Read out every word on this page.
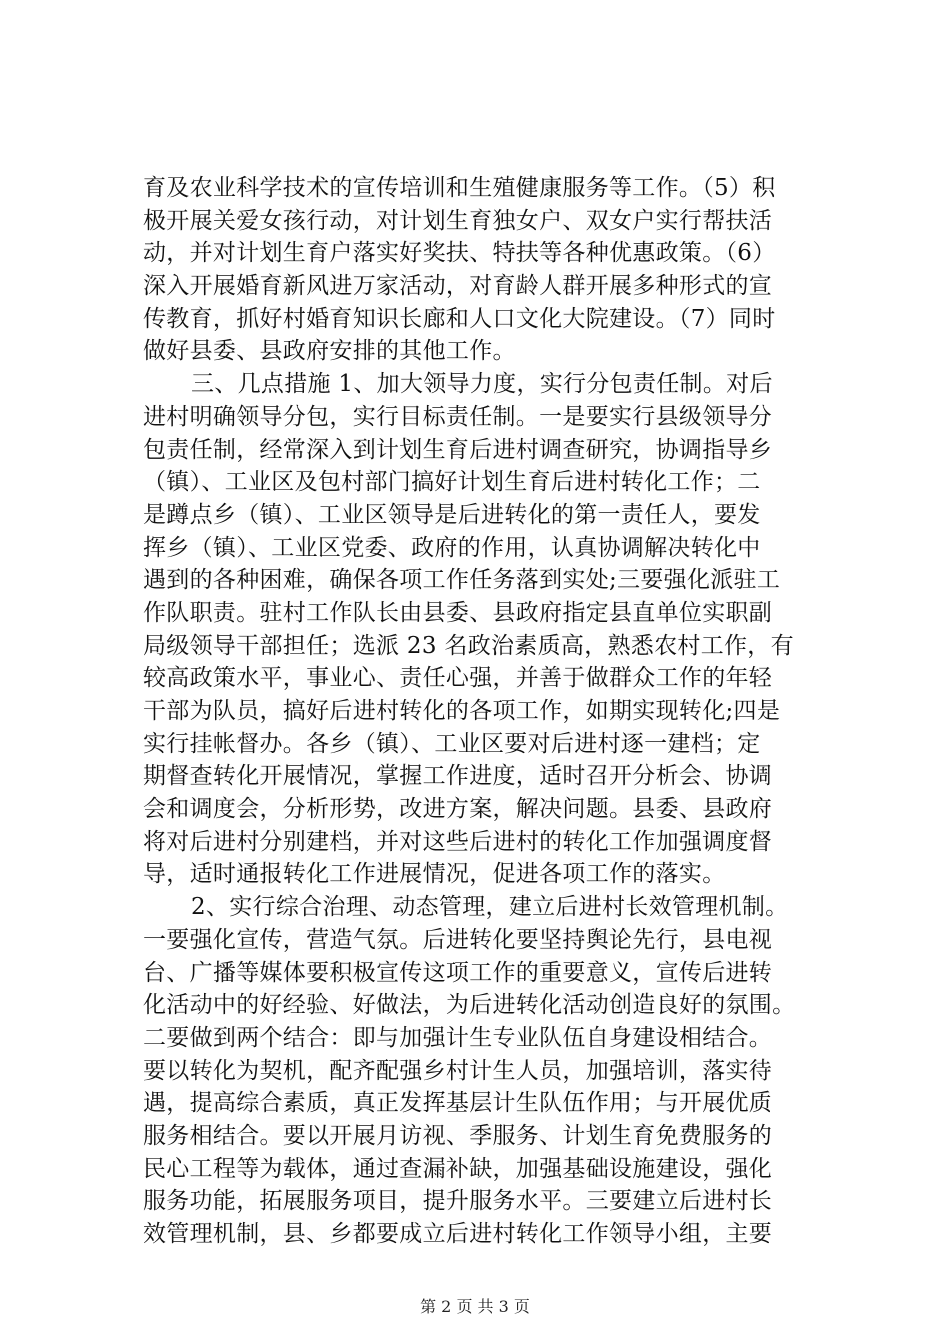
育及农业科学技术的宣传培训和生殖健康服务等工作。（5）积
极开展关爱女孩行动，对计划生育独女户、双女户实行帮扶活
动，并对计划生育户落实好奖扶、特扶等各种优惠政策。（6）
深入开展婚育新风进万家活动，对育龄人群开展多种形式的宣
传教育，抓好村婚育知识长廊和人口文化大院建设。（7）同时
做好县委、县政府安排的其他工作。
三、几点措施 1、加大领导力度，实行分包责任制。对后
进村明确领导分包，实行目标责任制。一是要实行县级领导分
包责任制，经常深入到计划生育后进村调查研究，协调指导乡
（镇）、工业区及包村部门搞好计划生育后进村转化工作；二
是蹲点乡（镇）、工业区领导是后进转化的第一责任人，要发
挥乡（镇）、工业区党委、政府的作用，认真协调解决转化中
遇到的各种困难，确保各项工作任务落到实处;三要强化派驻工
作队职责。驻村工作队长由县委、县政府指定县直单位实职副
局级领导干部担任；选派 23 名政治素质高，熟悉农村工作，有
较高政策水平，事业心、责任心强，并善于做群众工作的年轻
干部为队员，搞好后进村转化的各项工作，如期实现转化;四是
实行挂帐督办。各乡（镇）、工业区要对后进村逐一建档；定
期督查转化开展情况，掌握工作进度，适时召开分析会、协调
会和调度会，分析形势，改进方案，解决问题。县委、县政府
将对后进村分别建档，并对这些后进村的转化工作加强调度督
导，适时通报转化工作进展情况，促进各项工作的落实。
2、实行综合治理、动态管理，建立后进村长效管理机制。
一要强化宣传，营造气氛。后进转化要坚持舆论先行，县电视
台、广播等媒体要积极宣传这项工作的重要意义，宣传后进转
化活动中的好经验、好做法，为后进转化活动创造良好的氛围。
二要做到两个结合：即与加强计生专业队伍自身建设相结合。
要以转化为契机，配齐配强乡村计生人员，加强培训，落实待
遇，提高综合素质，真正发挥基层计生队伍作用；与开展优质
服务相结合。要以开展月访视、季服务、计划生育免费服务的
民心工程等为载体，通过查漏补缺，加强基础设施建设，强化
服务功能，拓展服务项目，提升服务水平。三要建立后进村长
效管理机制，县、乡都要成立后进村转化工作领导小组，主要
第 2 页 共 3 页
